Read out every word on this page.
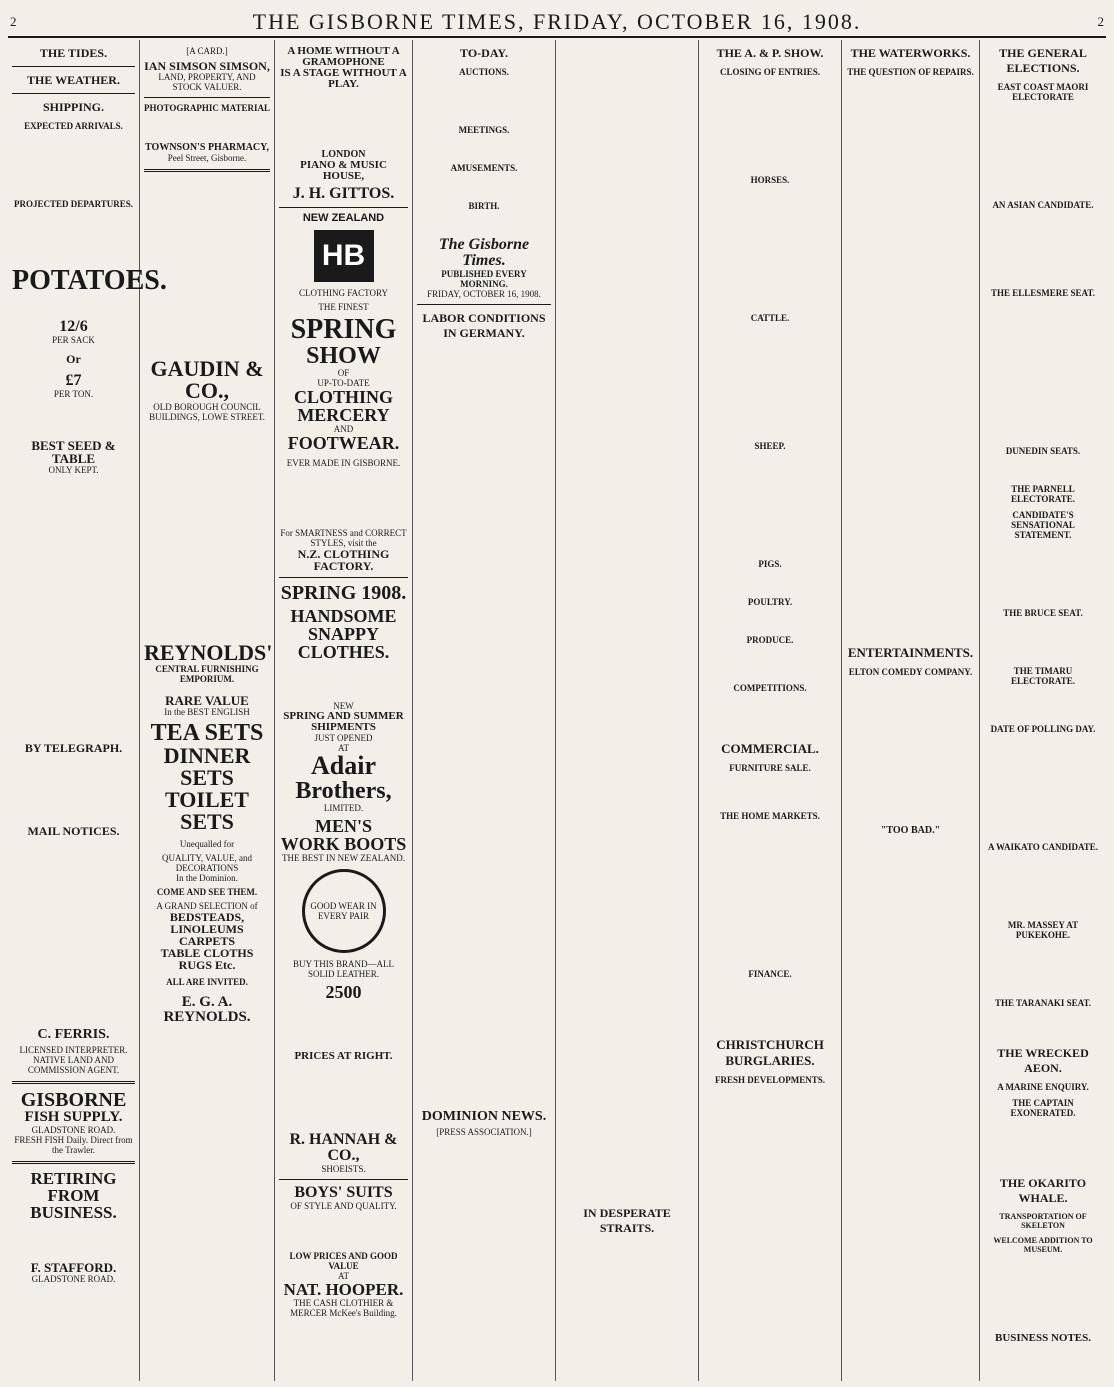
2	THE GISBORNE TIMES, FRIDAY, OCTOBER 16, 1908.	2
THE TIDES.
THE WEATHER.
SHIPPING.
EXPECTED ARRIVALS.
PROJECTED DEPARTURES.
POTATOES.
12/6
PER SACK
Or
£7
PER TON.
BEST SEED & TABLE
ONLY KEPT.
BY TELEGRAPH.
MAIL NOTICES.
C. FERRIS.
LICENSED INTERPRETER. NATIVE LAND AND COMMISSION AGENT.
GISBORNE
FISH SUPPLY.
GLADSTONE ROAD.
FRESH FISH Daily. Direct from the Trawler.
RETIRING FROM
BUSINESS.
F. STAFFORD.
GLADSTONE ROAD.
[A CARD.]
IAN SIMSON SIMSON,
LAND, PROPERTY, AND STOCK VALUER.
PHOTOGRAPHIC MATERIAL
TOWNSON'S PHARMACY,
Peel Street, Gisborne.
GAUDIN & CO.,
OLD BOROUGH COUNCIL BUILDINGS, LOWE STREET.
REYNOLDS'
CENTRAL FURNISHING EMPORIUM.
RARE VALUE
In the BEST ENGLISH
TEA SETS
DINNER SETS
TOILET SETS
Unequalled for
QUALITY, VALUE, and DECORATIONS
In the Dominion.
COME AND SEE THEM.
A GRAND SELECTION of
BEDSTEADS,
LINOLEUMS
CARPETS
TABLE CLOTHS
RUGS Etc.
ALL ARE INVITED.
E. G. A. REYNOLDS.
A HOME WITHOUT A
GRAMOPHONE
IS A STAGE WITHOUT A PLAY.
LONDON
PIANO & MUSIC HOUSE,
J. H. GITTOS.
NEW ZEALAND
HB
CLOTHING FACTORY
THE FINEST
SPRING
SHOW
OF
UP-TO-DATE
CLOTHING
MERCERY
AND
FOOTWEAR.
EVER MADE IN GISBORNE.
For SMARTNESS and CORRECT STYLES, visit the
N.Z. CLOTHING FACTORY.
SPRING 1908.
HANDSOME
SNAPPY
CLOTHES.
NEW
SPRING AND SUMMER
SHIPMENTS
JUST OPENED
AT
Adair
Brothers,
LIMITED.
MEN'S
WORK BOOTS
THE BEST IN NEW ZEALAND.
GOOD WEAR IN EVERY PAIR
BUY THIS BRAND—ALL SOLID LEATHER.
2500
PRICES AT RIGHT.
R. HANNAH & CO.,
SHOEISTS.
BOYS' SUITS
OF STYLE AND QUALITY.
LOW PRICES AND GOOD VALUE
AT
NAT. HOOPER.
THE CASH CLOTHIER & MERCER McKee's Building.
TO-DAY.
AUCTIONS.
MEETINGS.
AMUSEMENTS.
BIRTH.
The Gisborne Times.
PUBLISHED EVERY MORNING.
FRIDAY, OCTOBER 16, 1908.
LABOR CONDITIONS IN GERMANY.
DOMINION NEWS.
[PRESS ASSOCIATION.]
IN DESPERATE STRAITS.
THE A. & P. SHOW.
CLOSING OF ENTRIES.
HORSES.
CATTLE.
SHEEP.
PIGS.
POULTRY.
PRODUCE.
COMPETITIONS.
COMMERCIAL.
FURNITURE SALE.
THE HOME MARKETS.
FINANCE.
CHRISTCHURCH BURGLARIES.
FRESH DEVELOPMENTS.
THE WATERWORKS.
THE QUESTION OF REPAIRS.
ENTERTAINMENTS.
ELTON COMEDY COMPANY.
"TOO BAD."
THE GENERAL ELECTIONS.
EAST COAST MAORI ELECTORATE
AN ASIAN CANDIDATE.
THE ELLESMERE SEAT.
DUNEDIN SEATS.
THE PARNELL ELECTORATE.
CANDIDATE'S SENSATIONAL STATEMENT.
THE BRUCE SEAT.
THE TIMARU ELECTORATE.
DATE OF POLLING DAY.
A WAIKATO CANDIDATE.
MR. MASSEY AT PUKEKOHE.
THE TARANAKI SEAT.
THE WRECKED AEON.
A MARINE ENQUIRY.
THE CAPTAIN EXONERATED.
THE OKARITO WHALE.
TRANSPORTATION OF SKELETON
WELCOME ADDITION TO MUSEUM.
BUSINESS NOTES.
